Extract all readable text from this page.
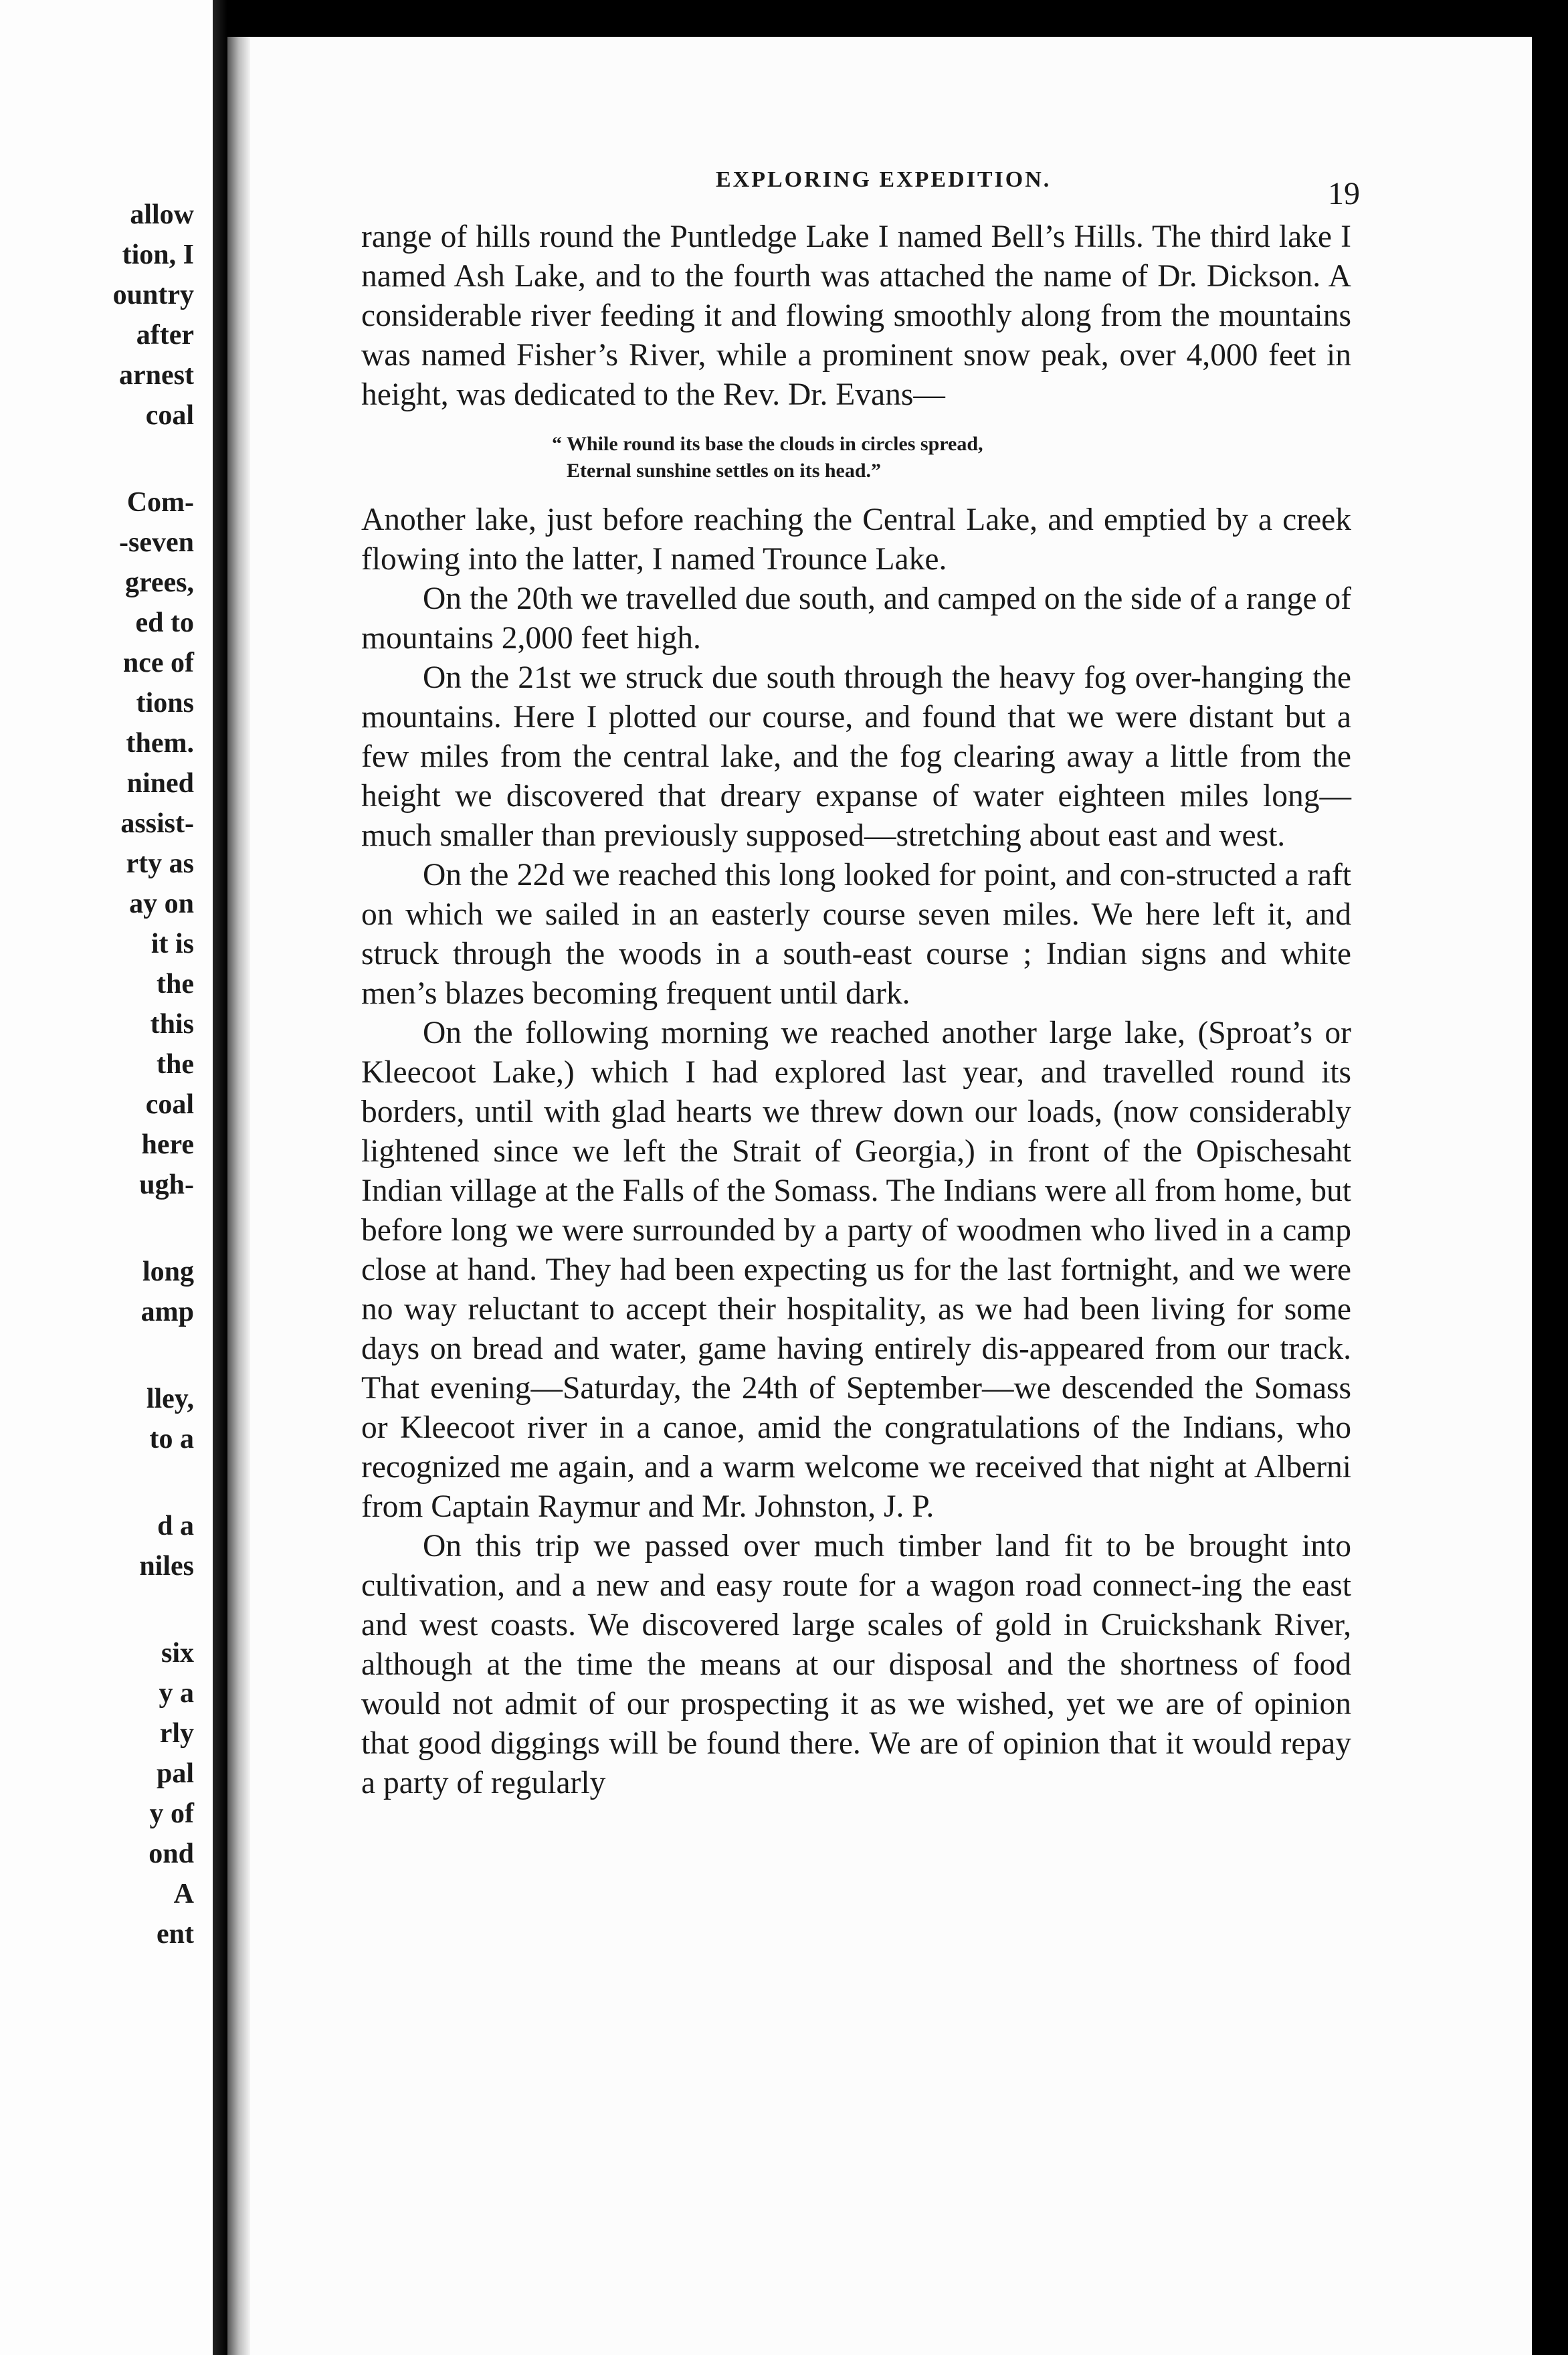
allow
tion, I
ountry
after
arnest
coal
Com-
-seven
grees,
ed to
nce of
tions
them.
nined
assist-
rty as
ay on
it is
the
this
the
coal
here
ugh-
long
amp
lley,
to a
d a
niles
six
y a
rly
pal
y of
ond
A
ent
EXPLORING EXPEDITION.	19

range of hills round the Puntledge Lake I named Bell’s Hills. The third lake I named Ash Lake, and to the fourth was attached the name of Dr. Dickson. A considerable river feeding it and flowing smoothly along from the mountains was named Fisher’s River, while a prominent snow peak, over 4,000 feet in height, was dedicated to the Rev. Dr. Evans—

“ While round its base the clouds in circles spread,
Eternal sunshine settles on its head.”

Another lake, just before reaching the Central Lake, and emptied by a creek flowing into the latter, I named Trounce Lake.

On the 20th we travelled due south, and camped on the side of a range of mountains 2,000 feet high.

On the 21st we struck due south through the heavy fog over-hanging the mountains. Here I plotted our course, and found that we were distant but a few miles from the central lake, and the fog clearing away a little from the height we discovered that dreary expanse of water eighteen miles long—much smaller than previously supposed—stretching about east and west.

On the 22d we reached this long looked for point, and con-structed a raft on which we sailed in an easterly course seven miles. We here left it, and struck through the woods in a south-east course ; Indian signs and white men’s blazes becoming frequent until dark.

On the following morning we reached another large lake, (Sproat’s or Kleecoot Lake,) which I had explored last year, and travelled round its borders, until with glad hearts we threw down our loads, (now considerably lightened since we left the Strait of Georgia,) in front of the Opischesaht Indian village at the Falls of the Somass. The Indians were all from home, but before long we were surrounded by a party of woodmen who lived in a camp close at hand. They had been expecting us for the last fortnight, and we were no way reluctant to accept their hospitality, as we had been living for some days on bread and water, game having entirely dis-appeared from our track. That evening—Saturday, the 24th of September—we descended the Somass or Kleecoot river in a canoe, amid the congratulations of the Indians, who recognized me again, and a warm welcome we received that night at Alberni from Captain Raymur and Mr. Johnston, J. P.

On this trip we passed over much timber land fit to be brought into cultivation, and a new and easy route for a wagon road connect-ing the east and west coasts. We discovered large scales of gold in Cruickshank River, although at the time the means at our disposal and the shortness of food would not admit of our prospecting it as we wished, yet we are of opinion that good diggings will be found there. We are of opinion that it would repay a party of regularly
